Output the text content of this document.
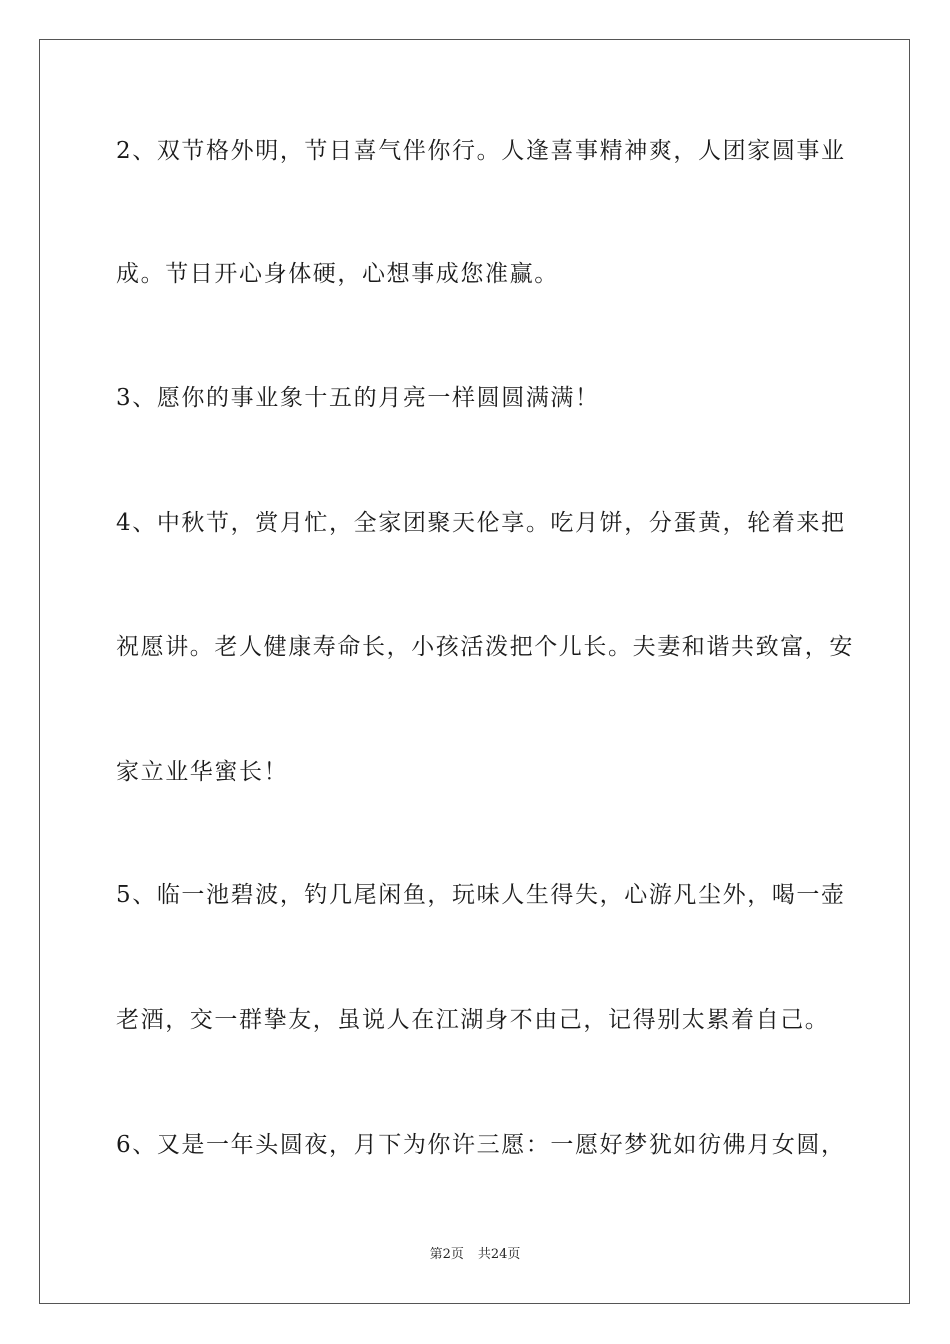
2、双节格外明，节日喜气伴你行。人逢喜事精神爽，人团家圆事业
成。节日开心身体硬，心想事成您准赢。
3、愿你的事业象十五的月亮一样圆圆满满！
4、中秋节，赏月忙，全家团聚天伦享。吃月饼，分蛋黄，轮着来把
祝愿讲。老人健康寿命长，小孩活泼把个儿长。夫妻和谐共致富，安
家立业华蜜长！
5、临一池碧波，钓几尾闲鱼，玩味人生得失，心游凡尘外，喝一壶
老酒，交一群挚友，虽说人在江湖身不由己，记得别太累着自己。
6、又是一年头圆夜，月下为你许三愿：一愿好梦犹如彷佛月女圆，
第2页 共24页
